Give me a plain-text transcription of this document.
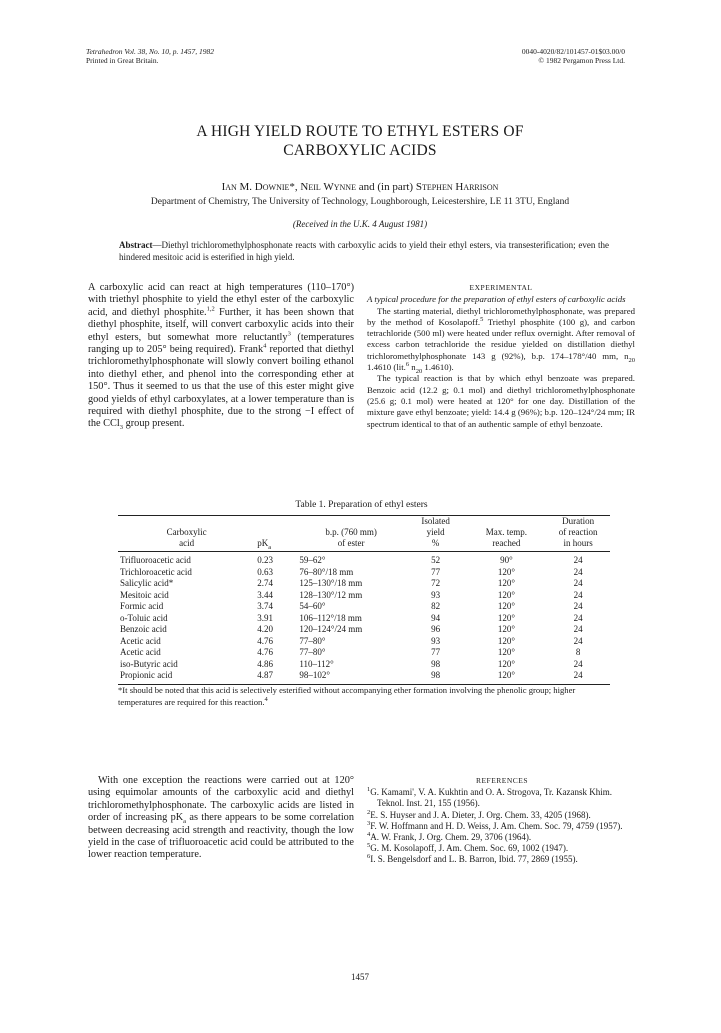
Tetrahedron Vol. 38, No. 10, p. 1457, 1982
Printed in Great Britain.
0040-4020/82/101457-01$03.00/0
© 1982 Pergamon Press Ltd.
A HIGH YIELD ROUTE TO ETHYL ESTERS OF
CARBOXYLIC ACIDS
Ian M. Downie*, Neil Wynne and (in part) Stephen Harrison
Department of Chemistry, The University of Technology, Loughborough, Leicestershire, LE 11 3TU, England
(Received in the U.K. 4 August 1981)
Abstract—Diethyl trichloromethylphosphonate reacts with carboxylic acids to yield their ethyl esters, via transesterification; even the hindered mesitoic acid is esterified in high yield.

A carboxylic acid can react at high temperatures (110–170°) with triethyl phosphite to yield the ethyl ester of the carboxylic acid, and diethyl phosphite.$^{1,2}$ Further, it has been shown that diethyl phosphite, itself, will convert carboxylic acids into their ethyl esters, but somewhat more reluctantly$^3$ (temperatures ranging up to 205° being required). Frank$^4$ reported that diethyl trichloromethylphosphonate will slowly convert boiling ethanol into diethyl ether, and phenol into the corresponding ether at 150°. Thus it seemed to us that the use of this ester might give good yields of ethyl carboxylates, at a lower temperature than is required with diethyl phosphite, due to the strong −I effect of the CCl$_3$ group present.

EXPERIMENTAL

A typical procedure for the preparation of ethyl esters of carboxylic acids

The starting material, diethyl trichloromethylphosphonate, was prepared by the method of Kosolapoff.$^5$ Triethyl phosphite (100 g), and carbon tetrachloride (500 ml) were heated under reflux overnight. After removal of excess carbon tetrachloride the residue yielded on distillation diethyl trichloromethylphosphonate 143 g (92%), b.p. 174–178°/40 mm, $n_{20}$ 1.4610 (lit.$^6$ $n_{20}$ 1.4610).

The typical reaction is that by which ethyl benzoate was prepared. Benzoic acid (12.2 g; 0.1 mol) and diethyl trichloromethylphosphonate (25.6 g; 0.1 mol) were heated at 120° for one day. Distillation of the mixture gave ethyl benzoate; yield: 14.4 g (96%); b.p. 120–124°/24 mm; IR spectrum identical to that of an authentic sample of ethyl benzoate.

Table 1. Preparation of ethyl esters
			Isolated		Duration
Carboxylic		b.p. (760 mm)	yield	Max. temp.	of reaction
acid	$pK_a$	of ester	%	reached	in hours
Trifluoroacetic acid	0.23	59–62°	52	90°	24
Trichloroacetic acid	0.63	76–80°/18 mm	77	120°	24
Salicylic acid*	2.74	125–130°/18 mm	72	120°	24
Mesitoic acid	3.44	128–130°/12 mm	93	120°	24
Formic acid	3.74	54–60°	82	120°	24
o-Toluic acid	3.91	106–112°/18 mm	94	120°	24
Benzoic acid	4.20	120–124°/24 mm	96	120°	24
Acetic acid	4.76	77–80°	93	120°	24
Acetic acid	4.76	77–80°	77	120°	8
iso-Butyric acid	4.86	110–112°	98	120°	24
Propionic acid	4.87	98–102°	98	120°	24
*It should be noted that this acid is selectively esterified without accompanying ether formation involving the phenolic group; higher temperatures are required for this reaction.$^4$

With one exception the reactions were carried out at 120° using equimolar amounts of the carboxylic acid and diethyl trichloromethylphosphonate. The carboxylic acids are listed in order of increasing $pK_a$ as there appears to be some correlation between decreasing acid strength and reactivity, though the low yield in the case of trifluoroacetic acid could be attributed to the lower reaction temperature.

REFERENCES
$^1$G. Kamami', V. A. Kukhtin and O. A. Strogova, Tr. Kazansk Khim. Teknol. Inst. 21, 155 (1956).
$^2$E. S. Huyser and J. A. Dieter, J. Org. Chem. 33, 4205 (1968).
$^3$F. W. Hoffmann and H. D. Weiss, J. Am. Chem. Soc. 79, 4759 (1957).
$^4$A. W. Frank, J. Org. Chem. 29, 3706 (1964).
$^5$G. M. Kosolapoff, J. Am. Chem. Soc. 69, 1002 (1947).
$^6$I. S. Bengelsdorf and L. B. Barron, Ibid. 77, 2869 (1955).
1457
